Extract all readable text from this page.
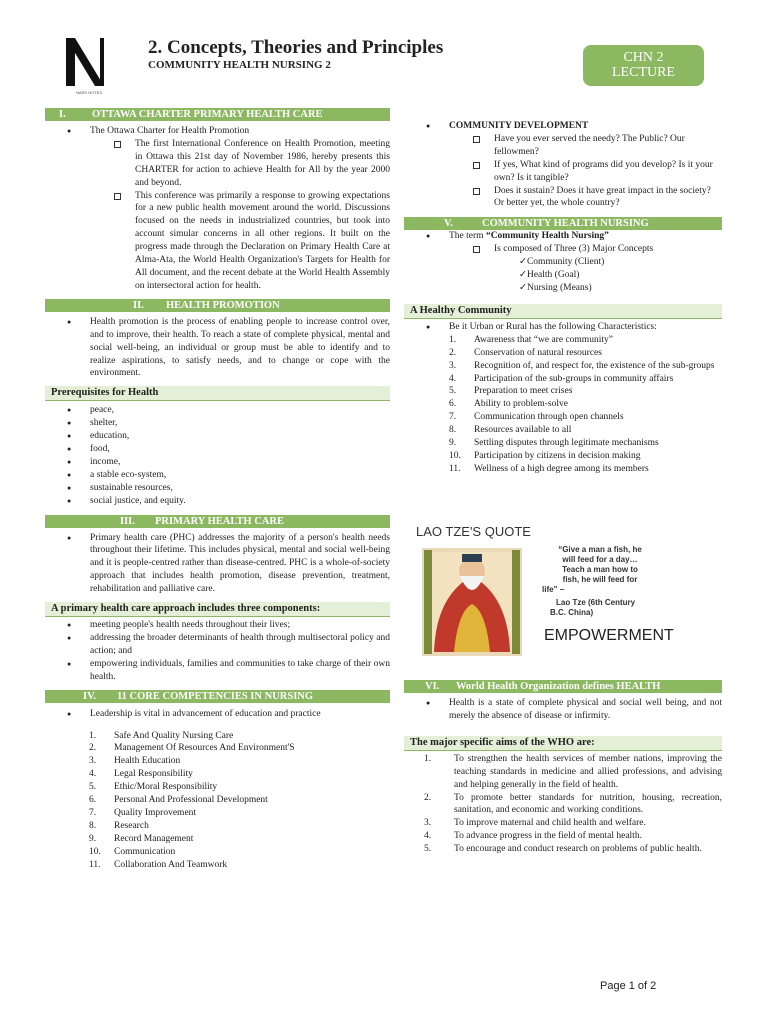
NARS NOTES
2. Concepts, Theories and Principles
COMMUNITY HEALTH NURSING 2	CHN 2
LECTURE
I.	OTTAWA CHARTER PRIMARY HEALTH CARE

● The Ottawa Charter for Health Promotion

The first International Conference on Health Promotion, meeting in Ottawa this 21st day of November 1986, hereby presents this CHARTER for action to achieve Health for All by the year 2000 and beyond.

This conference was primarily a response to growing expectations for a new public health movement around the world. Discussions focused on the needs in industrialized countries, but took into account simular concerns in all other regions. It built on the progress made through the Declaration on Primary Health Care at Alma-Ata, the World Health Organization's Targets for Health for All document, and the recent debate at the World Health Assembly on intersectoral action for health.

II. HEALTH PROMOTION

● Health promotion is the process of enabling people to increase control over, and to improve, their health. To reach a state of complete physical, mental and social well-being, an individual or group must be able to identify and to realize aspirations, to satisfy needs, and to change or cope with the environment.

Prerequisites for Health

● peace,

● shelter,

● education,

● food,

● income,

● a stable eco-system,

● sustainable resources,

● social justice, and equity.

III. PRIMARY HEALTH CARE

● Primary health care (PHC) addresses the majority of a person's health needs throughout their lifetime. This includes physical, mental and social well-being and it is people-centred rather than disease-centred. PHC is a whole-of-society approach that includes health promotion, disease prevention, treatment, rehabilitation and palliative care.

A primary health care approach includes three components:

● meeting people's health needs throughout their lives;

● addressing the broader determinants of health through multisectoral policy and action; and

● empowering individuals, families and communities to take charge of their own health.

IV. 11 CORE COMPETENCIES IN NURSING

● Leadership is vital in advancement of education and practice

1.	Safe And Quality Nursing Care

2.	Management Of Resources And Environment'S

3.	Health Education

4.	Legal Responsibility

5.	Ethic/Moral Responsibility

6.	Personal And Professional Development

7.	Quality Improvement

8.	Research

9.	Record Management

10.	Communication

11.	Collaboration And Teamwork

● COMMUNITY DEVELOPMENT

Have you ever served the needy? The Public? Our fellowmen?

If yes, What kind of programs did you develop? Is it your own? Is it tangible?

Does it sustain? Does it have great impact in the society? Or better yet, the whole country?

V.	COMMUNITY HEALTH NURSING

● The term “Community Health Nursing”

Is composed of Three (3) Major Concepts

✓Community (Client)

✓Health (Goal)

✓Nursing (Means)

A Healthy Community

● Be it Urban or Rural has the following Characteristics:

1.	Awareness that “we are community”

2.	Conservation of natural resources

3.	Recognition of, and respect for, the existence of the sub-groups

4.	Participation of the sub-groups in community affairs

5.	Preparation to meet crises

6.	Ability to problem-solve

7.	Communication through open channels

8.	Resources available to all

9.	Settling disputes through legitimate mechanisms

10.	Participation by citizens in decision making

11.	Wellness of a high degree among its members

LAO TZE'S QUOTE
“Give a man a fish, he
will feed for a day…
Teach a man how to
fish, he will feed for
life” –
Lao Tze (6th Century
B.C. China)
EMPOWERMENT
VI. World Health Organization defines HEALTH

● Health is a state of complete physical and social well being, and not merely the absence of disease or infirmity.

The major specific aims of the WHO are:

1.	To strengthen the health services of member nations, improving the teaching standards in medicine and allied professions, and advising and helping generally in the field of health.

2.	To promote better standards for nutrition, housing, recreation, sanitation, and economic and working conditions.

3.	To improve maternal and child health and welfare.

4.	To advance progress in the field of mental health.

5.	To encourage and conduct research on problems of public health.

Page 1 of 2
